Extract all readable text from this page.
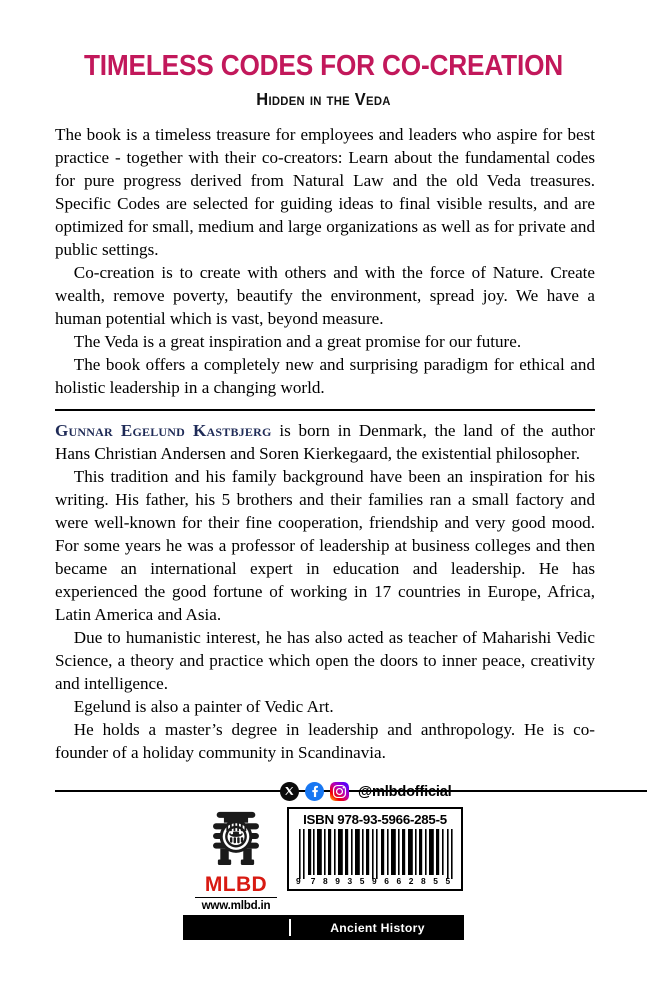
TIMELESS CODES FOR CO-CREATION
Hidden in the Veda

The book is a timeless treasure for employees and leaders who aspire for best practice - together with their co-creators: Learn about the fundamental codes for pure progress derived from Natural Law and the old Veda treasures. Specific Codes are selected for guiding ideas to final visible results, and are optimized for small, medium and large organizations as well as for private and public settings.

Co-creation is to create with others and with the force of Nature. Create wealth, remove poverty, beautify the environment, spread joy. We have a human potential which is vast, beyond measure.

The Veda is a great inspiration and a great promise for our future.

The book offers a completely new and surprising paradigm for ethical and holistic leadership in a changing world.

Gunnar Egelund Kastbjerg is born in Denmark, the land of the author Hans Christian Andersen and Soren Kierkegaard, the existential philosopher.

This tradition and his family background have been an inspiration for his writing. His father, his 5 brothers and their families ran a small factory and were well-known for their fine cooperation, friendship and very good mood. For some years he was a professor of leadership at business colleges and then became an international expert in education and leadership. He has experienced the good fortune of working in 17 countries in Europe, Africa, Latin America and Asia.

Due to humanistic interest, he has also acted as teacher of Maharishi Vedic Science, a theory and practice which open the doors to inner peace, creativity and intelligence.

Egelund is also a painter of Vedic Art.

He holds a master’s degree in leadership and anthropology. He is co-founder of a holiday community in Scandinavia.

@mlbdofficial
MLBD
www.mlbd.in
ISBN 978-93-5966-285-5
9	7 8 9 3 5 9 6 6 2 8 5 5
Ancient History
